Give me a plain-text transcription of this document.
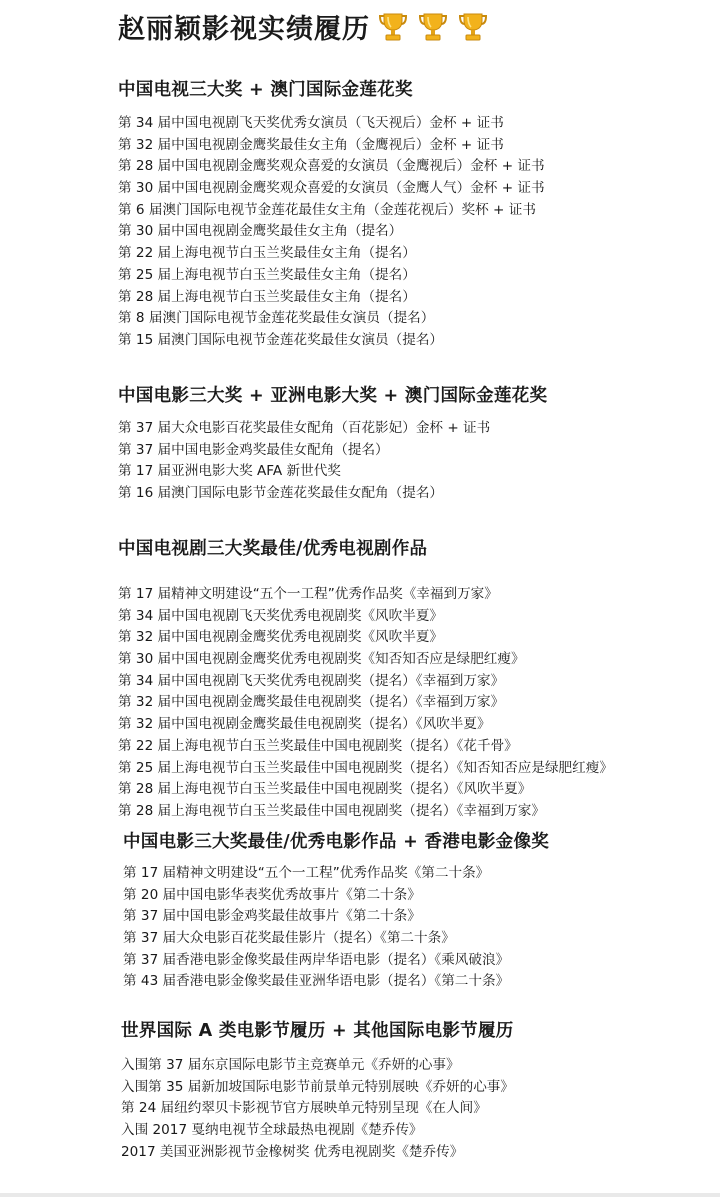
赵丽颖影视实绩履历
中国电视三大奖 + 澳门国际金莲花奖
第 34 届中国电视剧飞天奖优秀女演员（飞天视后）金杯 + 证书
第 32 届中国电视剧金鹰奖最佳女主角（金鹰视后）金杯 + 证书
第 28 届中国电视剧金鹰奖观众喜爱的女演员（金鹰视后）金杯 + 证书
第 30 届中国电视剧金鹰奖观众喜爱的女演员（金鹰人气）金杯 + 证书
第 6 届澳门国际电视节金莲花最佳女主角（金莲花视后）奖杯 + 证书
第 30 届中国电视剧金鹰奖最佳女主角（提名）
第 22 届上海电视节白玉兰奖最佳女主角（提名）
第 25 届上海电视节白玉兰奖最佳女主角（提名）
第 28 届上海电视节白玉兰奖最佳女主角（提名）
第 8 届澳门国际电视节金莲花奖最佳女演员（提名）
第 15 届澳门国际电视节金莲花奖最佳女演员（提名）
中国电影三大奖 + 亚洲电影大奖 + 澳门国际金莲花奖
第 37 届大众电影百花奖最佳女配角（百花影妃）金杯 + 证书
第 37 届中国电影金鸡奖最佳女配角（提名）
第 17 届亚洲电影大奖 AFA 新世代奖
第 16 届澳门国际电影节金莲花奖最佳女配角（提名）
中国电视剧三大奖最佳/优秀电视剧作品
第 17 届精神文明建设“五个一工程”优秀作品奖《幸福到万家》
第 34 届中国电视剧飞天奖优秀电视剧奖《风吹半夏》
第 32 届中国电视剧金鹰奖优秀电视剧奖《风吹半夏》
第 30 届中国电视剧金鹰奖优秀电视剧奖《知否知否应是绿肥红瘦》
第 34 届中国电视剧飞天奖优秀电视剧奖（提名）《幸福到万家》
第 32 届中国电视剧金鹰奖最佳电视剧奖（提名）《幸福到万家》
第 32 届中国电视剧金鹰奖最佳电视剧奖（提名）《风吹半夏》
第 22 届上海电视节白玉兰奖最佳中国电视剧奖（提名）《花千骨》
第 25 届上海电视节白玉兰奖最佳中国电视剧奖（提名）《知否知否应是绿肥红瘦》
第 28 届上海电视节白玉兰奖最佳中国电视剧奖（提名）《风吹半夏》
第 28 届上海电视节白玉兰奖最佳中国电视剧奖（提名）《幸福到万家》
中国电影三大奖最佳/优秀电影作品 + 香港电影金像奖
第 17 届精神文明建设“五个一工程”优秀作品奖《第二十条》
第 20 届中国电影华表奖优秀故事片《第二十条》
第 37 届中国电影金鸡奖最佳故事片《第二十条》
第 37 届大众电影百花奖最佳影片（提名）《第二十条》
第 37 届香港电影金像奖最佳两岸华语电影（提名）《乘风破浪》
第 43 届香港电影金像奖最佳亚洲华语电影（提名）《第二十条》
世界国际 A 类电影节履历 + 其他国际电影节履历
入围第 37 届东京国际电影节主竞赛单元《乔妍的心事》
入围第 35 届新加坡国际电影节前景单元特别展映《乔妍的心事》
第 24 届纽约翠贝卡影视节官方展映单元特别呈现《在人间》
入围 2017 戛纳电视节全球最热电视剧《楚乔传》
2017 美国亚洲影视节金橡树奖 优秀电视剧奖《楚乔传》
